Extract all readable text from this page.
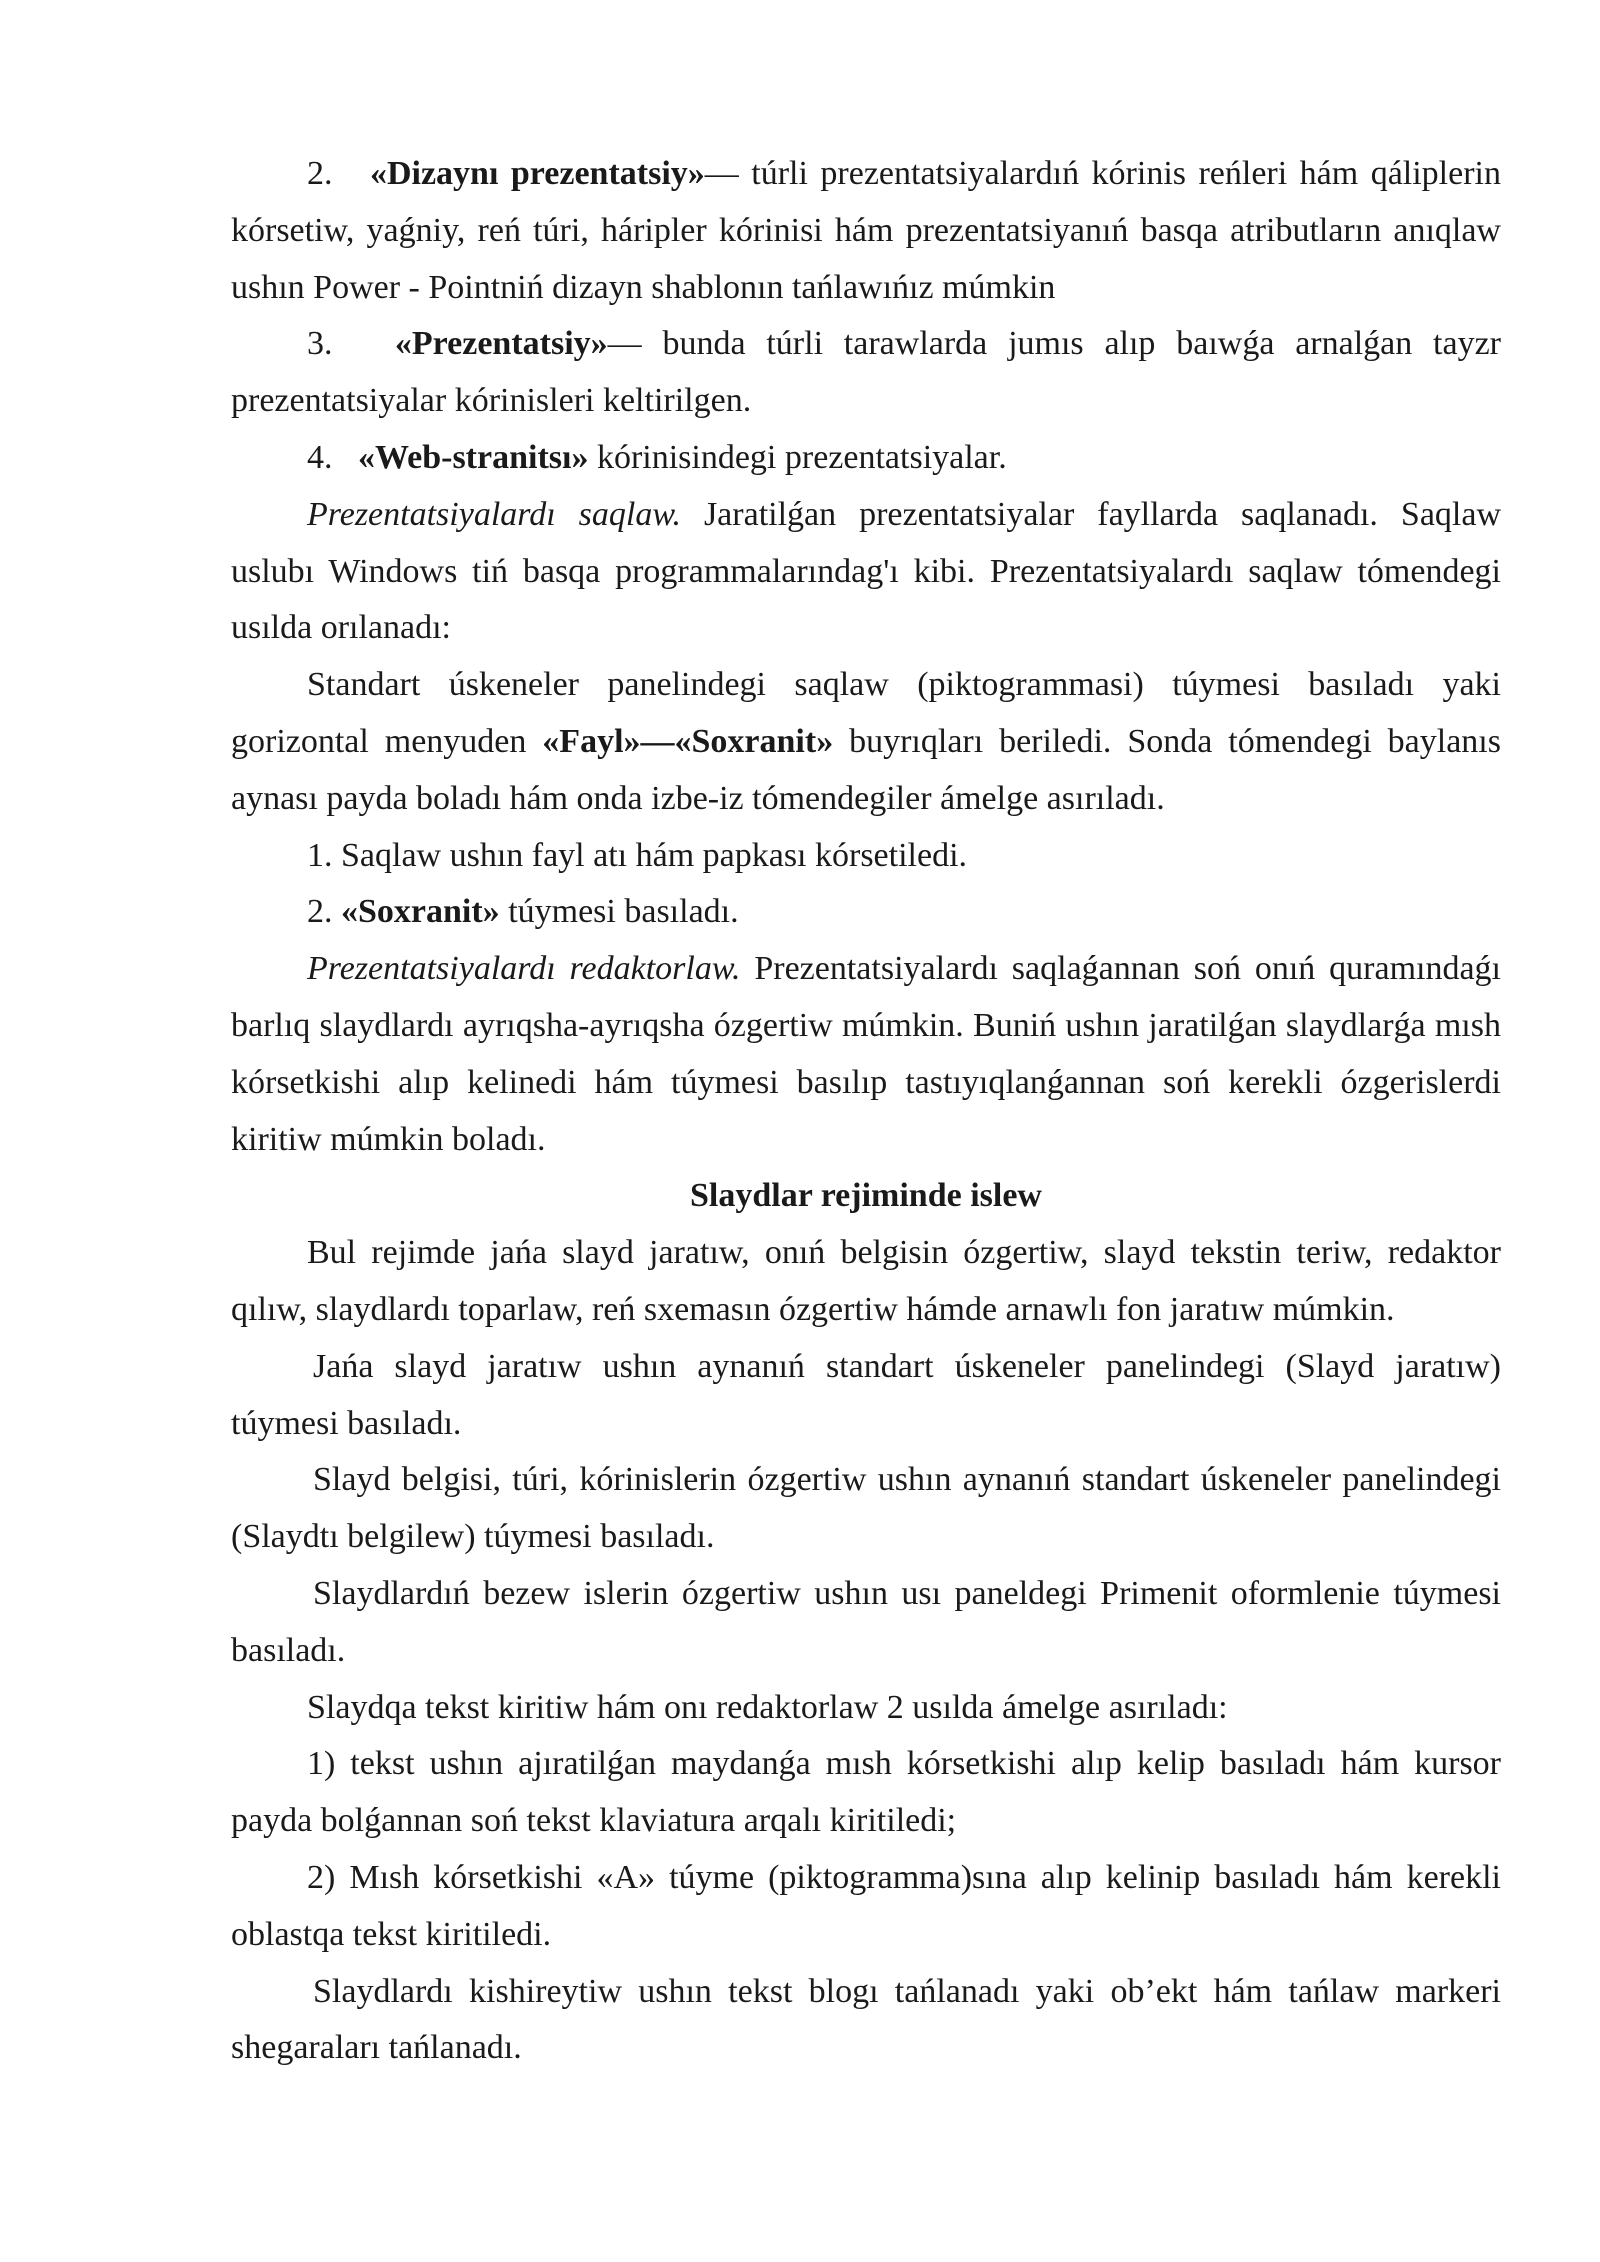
2. «Dizaynı prezentatsiy»— túrli prezentatsiyalardıń kórinis reńleri hám qáliplerin kórsetiw, yaǵniy, reń túri, háripler kórinisi hám prezentatsiyanıń basqa atributların anıqlaw ushın Power - Pointniń dizayn shablonın tańlawıńız múmkin

3. «Prezentatsiy»— bunda túrli tarawlarda jumıs alıp baıwǵa arnalǵan tayzr prezentatsiyalar kórinisleri keltirilgen.

4. «Web-stranitsı» kórinisindegi prezentatsiyalar.

Prezentatsiyalardı saqlaw. Jaratilǵan prezentatsiyalar fayllarda saqlanadı. Saqlaw uslubı Windows tiń basqa programmalarındag'ı kibi. Prezentatsiyalardı saqlaw tómendegi usılda orılanadı:

Standart úskeneler panelindegi saqlaw (piktogrammasi) túymesi basıladı yaki gorizontal menyuden «Fayl»—«Soxranit» buyrıqları beriledi. Sonda tómendegi baylanıs aynası payda boladı hám onda izbe-iz tómendegiler ámelge asırıladı.

1. Saqlaw ushın fayl atı hám papkası kórsetiledi.

2. «Soxranit» túymesi basıladı.

Prezentatsiyalardı redaktorlaw. Prezentatsiyalardı saqlaǵannan soń onıń quramındaǵı barlıq slaydlardı ayrıqsha-ayrıqsha ózgertiw múmkin. Buniń ushın jaratilǵan slaydlarǵa mısh kórsetkishi alıp kelinedi hám túymesi basılıp tastıyıqlanǵannan soń kerekli ózgerislerdi kiritiw múmkin boladı.

Slaydlar rejiminde islew

Bul rejimde jańa slayd jaratıw, onıń belgisin ózgertiw, slayd tekstin teriw, redaktor qılıw, slaydlardı toparlaw, reń sxemasın ózgertiw hámde arnawlı fon jaratıw múmkin.

Jańa slayd jaratıw ushın aynanıń standart úskeneler panelindegi (Slayd jaratıw) túymesi basıladı.

Slayd belgisi, túri, kórinislerin ózgertiw ushın aynanıń standart úskeneler panelindegi (Slaydtı belgilew) túymesi basıladı.

Slaydlardıń bezew islerin ózgertiw ushın usı paneldegi Primenit oformlenie túymesi basıladı.

Slaydqa tekst kiritiw hám onı redaktorlaw 2 usılda ámelge asırıladı:

1) tekst ushın ajıratilǵan maydanǵa mısh kórsetkishi alıp kelip basıladı hám kursor payda bolǵannan soń tekst klaviatura arqalı kiritiledi;

2) Mısh kórsetkishi «A» túyme (piktogramma)sına alıp kelinip basıladı hám kerekli oblastqa tekst kiritiledi.

Slaydlardı kishireytiw ushın tekst blogı tańlanadı yaki ob’ekt hám tańlaw markeri shegaraları tańlanadı.
